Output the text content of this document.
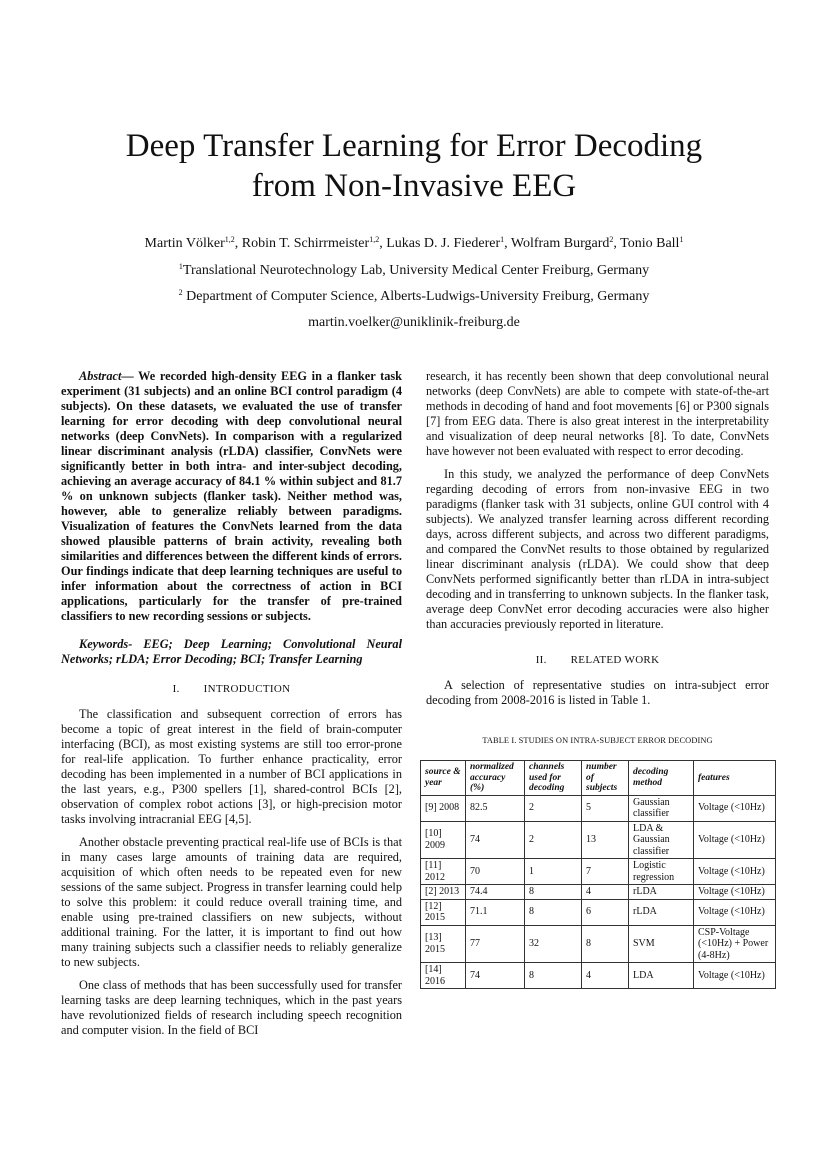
Deep Transfer Learning for Error Decoding
from Non-Invasive EEG
Martin Völker$^{1,2}$, Robin T. Schirrmeister$^{1,2}$, Lukas D. J. Fiederer$^1$, Wolfram Burgard$^2$, Tonio Ball$^1$
$^1$Translational Neurotechnology Lab, University Medical Center Freiburg, Germany
$^2$ Department of Computer Science, Alberts-Ludwigs-University Freiburg, Germany
martin.voelker@uniklinik-freiburg.de

Abstract— We recorded high-density EEG in a flanker task experiment (31 subjects) and an online BCI control paradigm (4 subjects). On these datasets, we evaluated the use of transfer learning for error decoding with deep convolutional neural networks (deep ConvNets). In comparison with a regularized linear discriminant analysis (rLDA) classifier, ConvNets were significantly better in both intra- and inter-subject decoding, achieving an average accuracy of 84.1 % within subject and 81.7 % on unknown subjects (flanker task). Neither method was, however, able to generalize reliably between paradigms. Visualization of features the ConvNets learned from the data showed plausible patterns of brain activity, revealing both similarities and differences between the different kinds of errors. Our findings indicate that deep learning techniques are useful to infer information about the correctness of action in BCI applications, particularly for the transfer of pre-trained classifiers to new recording sessions or subjects.

Keywords- EEG; Deep Learning; Convolutional Neural Networks; rLDA; Error Decoding; BCI; Transfer Learning

I. INTRODUCTION

The classification and subsequent correction of errors has become a topic of great interest in the field of brain-computer interfacing (BCI), as most existing systems are still too error-prone for real-life application. To further enhance practicality, error decoding has been implemented in a number of BCI applications in the last years, e.g., P300 spellers [1], shared-control BCIs [2], observation of complex robot actions [3], or high-precision motor tasks involving intracranial EEG [4,5].

Another obstacle preventing practical real-life use of BCIs is that in many cases large amounts of training data are required, acquisition of which often needs to be repeated even for new sessions of the same subject. Progress in transfer learning could help to solve this problem: it could reduce overall training time, and enable using pre-trained classifiers on new subjects, without additional training. For the latter, it is important to find out how many training subjects such a classifier needs to reliably generalize to new subjects.

One class of methods that has been successfully used for transfer learning tasks are deep learning techniques, which in the past years have revolutionized fields of research including speech recognition and computer vision. In the field of BCI

research, it has recently been shown that deep convolutional neural networks (deep ConvNets) are able to compete with state-of-the-art methods in decoding of hand and foot movements [6] or P300 signals [7] from EEG data. There is also great interest in the interpretability and visualization of deep neural networks [8]. To date, ConvNets have however not been evaluated with respect to error decoding.

In this study, we analyzed the performance of deep ConvNets regarding decoding of errors from non-invasive EEG in two paradigms (flanker task with 31 subjects, online GUI control with 4 subjects). We analyzed transfer learning across different recording days, across different subjects, and across two different paradigms, and compared the ConvNet results to those obtained by regularized linear discriminant analysis (rLDA). We could show that deep ConvNets performed significantly better than rLDA in intra-subject decoding and in transferring to unknown subjects. In the flanker task, average deep ConvNet error decoding accuracies were also higher than accuracies previously reported in literature.

II. RELATED WORK

A selection of representative studies on intra-subject error decoding from 2008-2016 is listed in Table 1.

TABLE I. STUDIES ON INTRA-SUBJECT ERROR DECODING
source & year	normalized accuracy (%)	channels used for decoding	number of subjects	decoding method	features
[9] 2008	82.5	2	5	Gaussian classifier	Voltage (<10Hz)
[10] 2009	74	2	13	LDA & Gaussian classifier	Voltage (<10Hz)
[11] 2012	70	1	7	Logistic regression	Voltage (<10Hz)
[2] 2013	74.4	8	4	rLDA	Voltage (<10Hz)
[12] 2015	71.1	8	6	rLDA	Voltage (<10Hz)
[13] 2015	77	32	8	SVM	CSP-Voltage (<10Hz) + Power (4-8Hz)
[14] 2016	74	8	4	LDA	Voltage (<10Hz)
